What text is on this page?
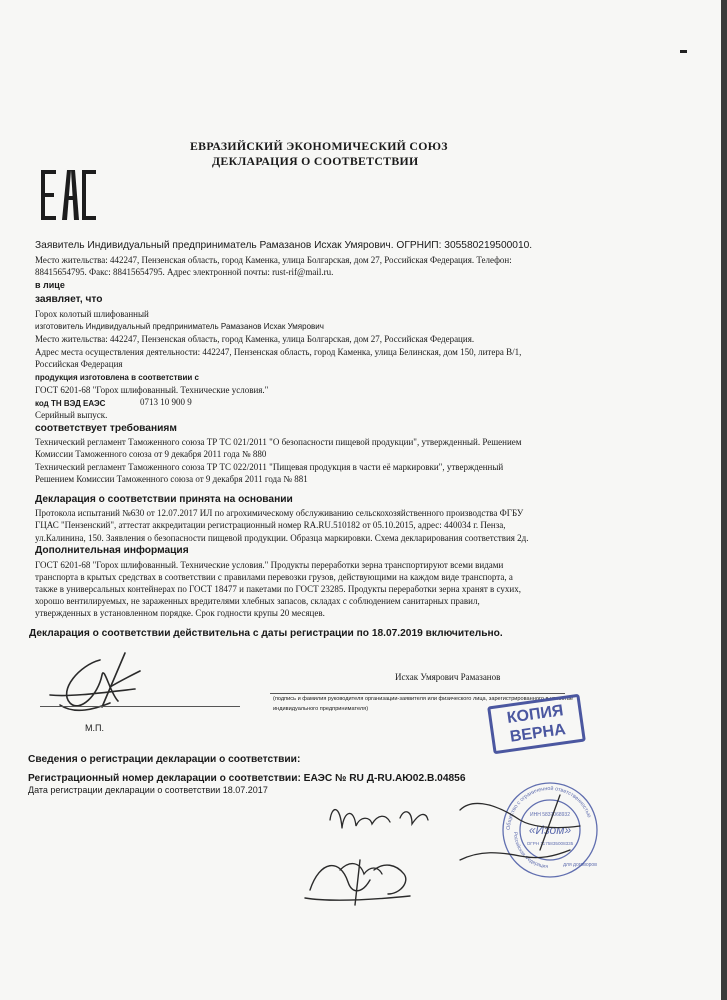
ЕВРАЗИЙСКИЙ ЭКОНОМИЧЕСКИЙ СОЮЗ
ДЕКЛАРАЦИЯ О СООТВЕТСТВИИ
Заявитель Индивидуальный предприниматель Рамазанов Исхак Умярович. ОГРНИП: 305580219500010.
Место жительства: 442247, Пензенская область, город Каменка, улица Болгарская, дом 27, Российская Федерация. Телефон:
88415654795. Факс: 88415654795. Адрес электронной почты: rust-rif@mail.ru.
в лице
заявляет, что
Горох колотый шлифованный
изготовитель Индивидуальный предприниматель Рамазанов Исхак Умярович
Место жительства: 442247, Пензенская область, город Каменка, улица Болгарская, дом 27, Российская Федерация.
Адрес места осуществления деятельности: 442247, Пензенская область, город Каменка, улица Белинская, дом 150, литера В/1,
Российская Федерация
продукция изготовлена в соответствии с
ГОСТ 6201-68 "Горох шлифованный. Технические условия."
код ТН ВЭД ЕАЭС	0713 10 900 9
Серийный выпуск.
соответствует требованиям
Технический регламент Таможенного союза ТР ТС 021/2011 "О безопасности пищевой продукции", утвержденный. Решением
Комиссии Таможенного союза от 9 декабря 2011 года № 880
Технический регламент Таможенного союза ТР ТС 022/2011 "Пищевая продукция в части её маркировки", утвержденный
Решением Комиссии Таможенного союза от 9 декабря 2011 года № 881
Декларация о соответствии принята на основании
Протокола испытаний №630 от 12.07.2017 ИЛ по агрохимическому обслуживанию сельскохозяйственного производства ФГБУ
ГЦАС "Пензенский", аттестат аккредитации регистрационный номер RA.RU.510182 от 05.10.2015, адрес: 440034 г. Пенза,
ул.Калинина, 150. Заявления о безопасности пищевой продукции. Образца маркировки. Схема декларирования соответствия 2д.
Дополнительная информация
ГОСТ 6201-68 "Горох шлифованный. Технические условия." Продукты переработки зерна транспортируют всеми видами
транспорта в крытых средствах в соответствии с правилами перевозки грузов, действующими на каждом виде транспорта, а
также в универсальных контейнерах по ГОСТ 18477 и пакетами по ГОСТ 23285. Продукты переработки зерна хранят в сухих,
хорошо вентилируемых, не зараженных вредителями хлебных запасов, складах с соблюдением санитарных правил,
утвержденных в установленном порядке. Срок годности крупы 20 месяцев.
Декларация о соответствии действительна с даты регистрации по 18.07.2019 включительно.
Исхак Умярович Рамазанов
(подпись и фамилия руководителя организации-заявителя или физического лица, зарегистрированного в качестве
индивидуального предпринимателя)
М.П.
КОПИЯ
ВЕРНА
Сведения о регистрации декларации о соответствии:
Регистрационный номер декларации о соответствии: ЕАЭС № RU Д-RU.АЮ02.В.04856
Дата регистрации декларации о соответствии 18.07.2017
Общество с ограниченной ответственностью
Российская Федерация
ИНН 5837068932
«Изом»
ОГРН 1175835008335
для договоров
